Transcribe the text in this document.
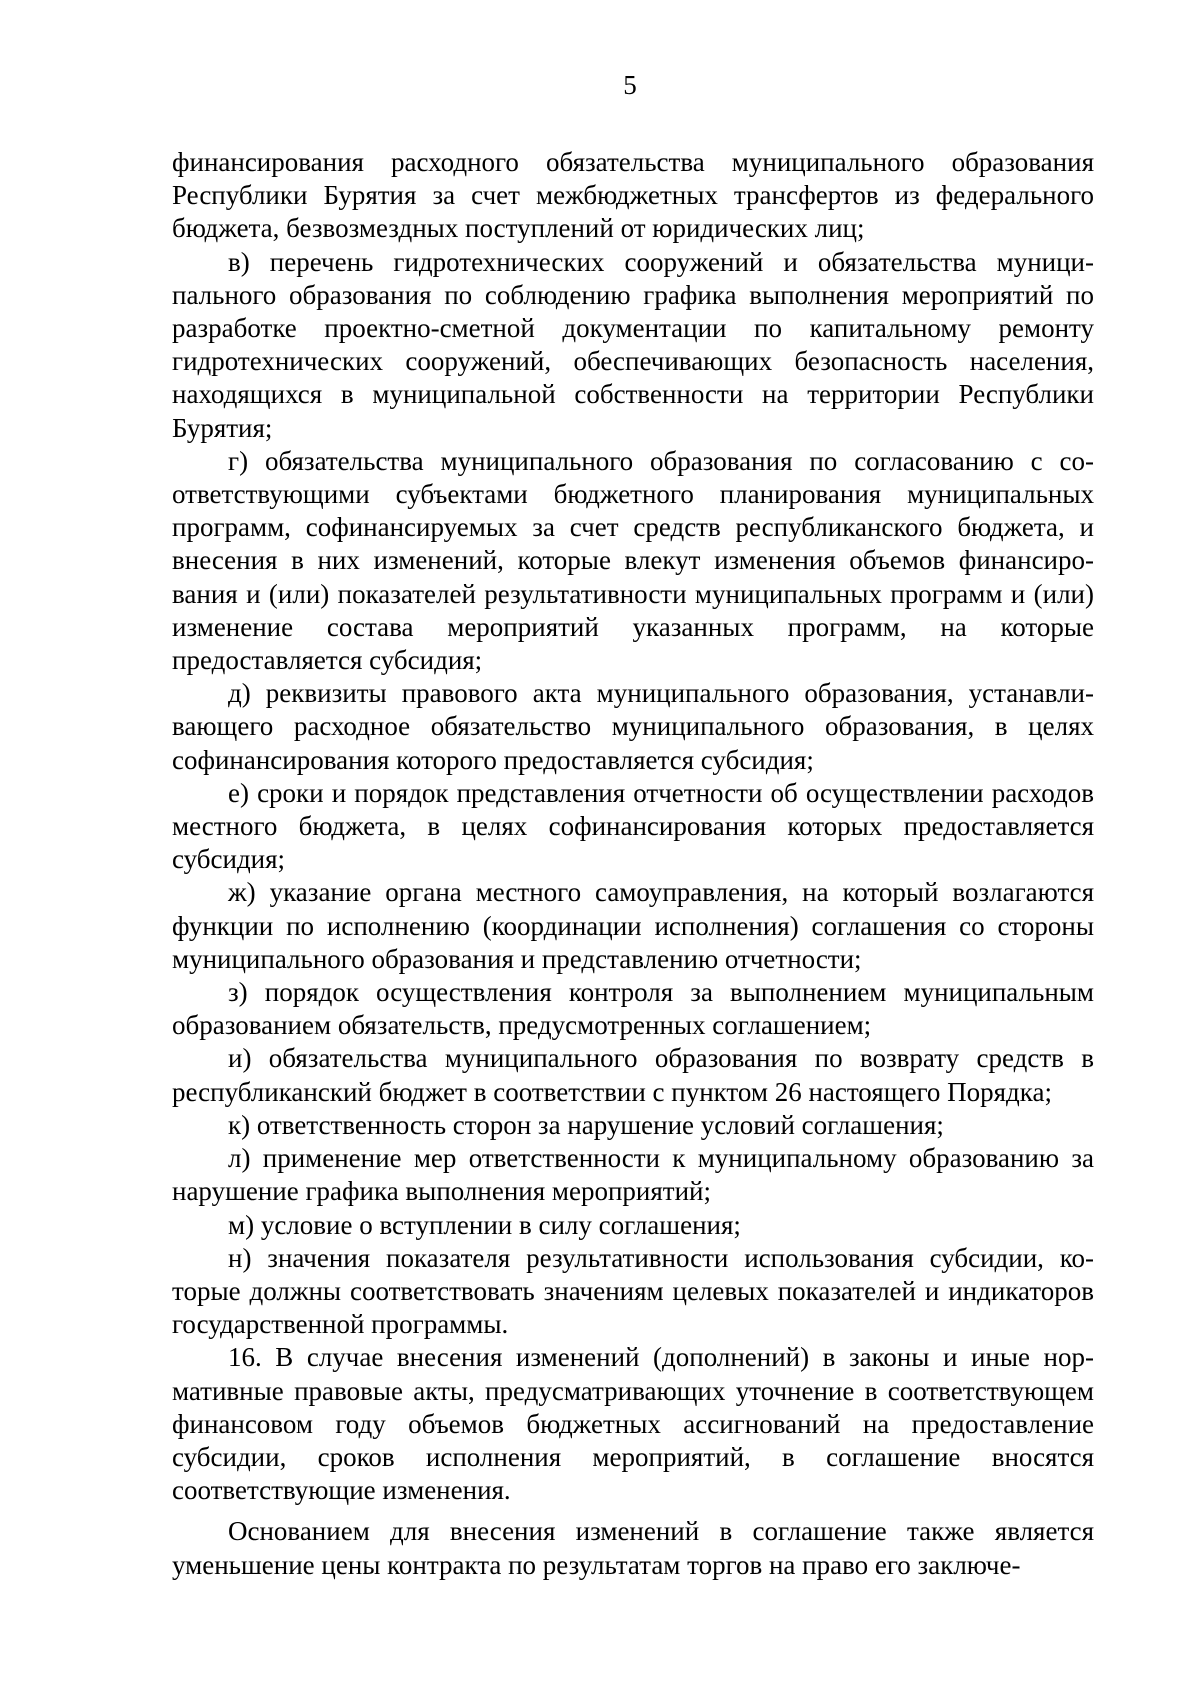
5

финансирования расходного обязательства муниципального образования Республики Бурятия за счет межбюджетных трансфертов из федерального бюджета, безвозмездных поступлений от юридических лиц;

в) перечень гидротехнических сооружений и обязательства муниципального образования по соблюдению графика выполнения мероприятий по разработке проектно-сметной документации по капитальному ремонту гидротехнических сооружений, обеспечивающих безопасность населения, находящихся в муниципальной собственности на территории Республики Бурятия;

г) обязательства муниципального образования по согласованию с соответствующими субъектами бюджетного планирования муниципальных программ, софинансируемых за счет средств республиканского бюджета, и внесения в них изменений, которые влекут изменения объемов финансирования и (или) показателей результативности муниципальных программ и (или) изменение состава мероприятий указанных программ, на которые предоставляется субсидия;

д) реквизиты правового акта муниципального образования, устанавливающего расходное обязательство муниципального образования, в целях софинансирования которого предоставляется субсидия;

е) сроки и порядок представления отчетности об осуществлении расходов местного бюджета, в целях софинансирования которых предоставляется субсидия;

ж) указание органа местного самоуправления, на который возлагаются функции по исполнению (координации исполнения) соглашения со стороны муниципального образования и представлению отчетности;

з) порядок осуществления контроля за выполнением муниципальным образованием обязательств, предусмотренных соглашением;

и) обязательства муниципального образования по возврату средств в республиканский бюджет в соответствии с пунктом 26 настоящего Порядка;

к) ответственность сторон за нарушение условий соглашения;

л) применение мер ответственности к муниципальному образованию за нарушение графика выполнения мероприятий;

м) условие о вступлении в силу соглашения;

н) значения показателя результативности использования субсидии, которые должны соответствовать значениям целевых показателей и индикаторов государственной программы.

16. В случае внесения изменений (дополнений) в законы и иные нормативные правовые акты, предусматривающих уточнение в соответствующем финансовом году объемов бюджетных ассигнований на предоставление субсидии, сроков исполнения мероприятий, в соглашение вносятся соответствующие изменения.

Основанием для внесения изменений в соглашение также является уменьшение цены контракта по результатам торгов на право его заключе-
